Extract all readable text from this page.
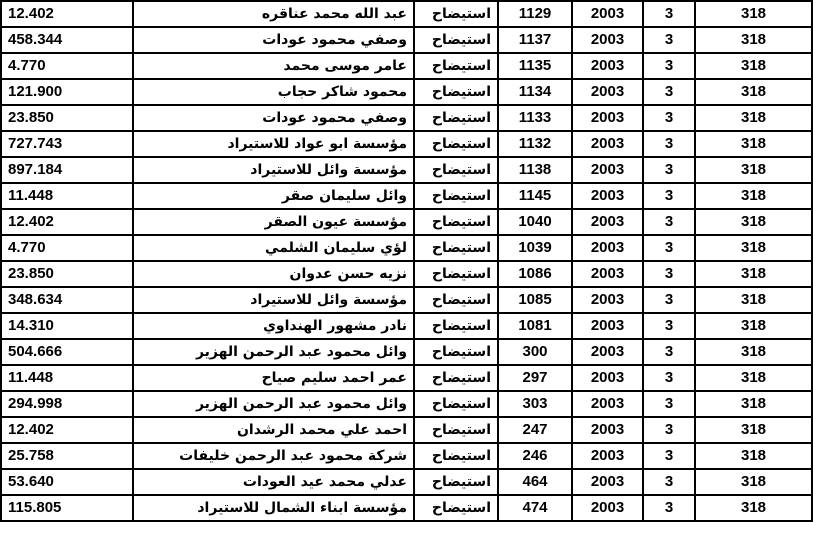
12.402	عبد الله محمد عناقره	استيضاح	1129	2003	3	318
458.344	وصفي محمود عودات	استيضاح	1137	2003	3	318
4.770	عامر موسى محمد	استيضاح	1135	2003	3	318
121.900	محمود شاكر حجاب	استيضاح	1134	2003	3	318
23.850	وصفي محمود عودات	استيضاح	1133	2003	3	318
727.743	مؤسسة ابو عواد للاستيراد	استيضاح	1132	2003	3	318
897.184	مؤسسة وائل للاستيراد	استيضاح	1138	2003	3	318
11.448	وائل سليمان صقر	استيضاح	1145	2003	3	318
12.402	مؤسسة عيون الصقر	استيضاح	1040	2003	3	318
4.770	لؤي سليمان الشلمي	استيضاح	1039	2003	3	318
23.850	نزيه حسن عدوان	استيضاح	1086	2003	3	318
348.634	مؤسسة وائل للاستيراد	استيضاح	1085	2003	3	318
14.310	نادر مشهور الهنداوي	استيضاح	1081	2003	3	318
504.666	وائل محمود عبد الرحمن الهزير	استيضاح	300	2003	3	318
11.448	عمر احمد سليم صياح	استيضاح	297	2003	3	318
294.998	وائل محمود عبد الرحمن الهزير	استيضاح	303	2003	3	318
12.402	احمد علي محمد الرشدان	استيضاح	247	2003	3	318
25.758	شركة محمود عبد الرحمن خليفات	استيضاح	246	2003	3	318
53.640	عدلي محمد عيد العودات	استيضاح	464	2003	3	318
115.805	مؤسسة ابناء الشمال للاستيراد	استيضاح	474	2003	3	318
